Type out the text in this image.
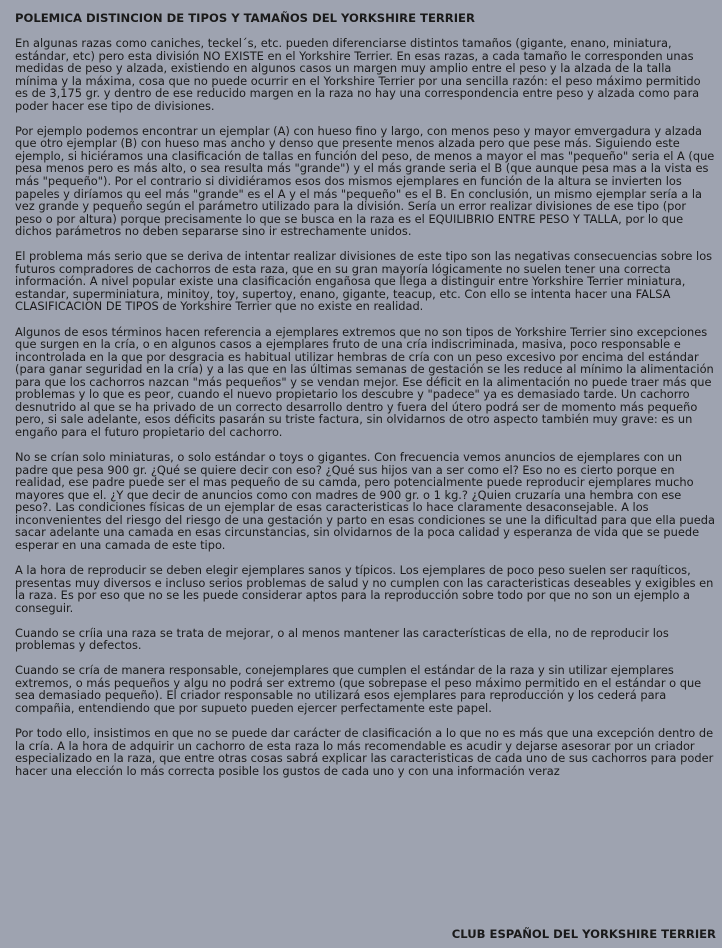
POLEMICA DISTINCION DE TIPOS Y TAMAÑOS DEL YORKSHIRE TERRIER
En algunas razas como caniches, teckel´s, etc. pueden diferenciarse distintos tamaños (gigante, enano, miniatura, estándar, etc) pero esta división NO EXISTE en el Yorkshire Terrier. En esas razas, a cada tamaño le corresponden unas medidas de peso y alzada, existiendo en algunos casos un margen muy amplio entre el peso y la alzada de la talla mínima y la máxima, cosa que no puede ocurrir en el Yorkshire Terrier por una sencilla razón: el peso máximo permitido es de 3,175 gr. y dentro de ese reducido margen en la raza no hay una correspondencia entre peso y alzada como para poder hacer ese tipo de divisiones.
Por ejemplo podemos encontrar un ejemplar (A) con hueso fino y largo, con menos peso y mayor emvergadura y alzada que otro ejemplar (B) con hueso mas ancho y denso que presente menos alzada pero que pese más. Siguiendo este ejemplo, si hiciéramos una clasificación de tallas en función del peso, de menos a mayor el mas "pequeño" seria el A (que pesa menos pero es más alto, o sea resulta más "grande") y el más grande seria el B (que aunque pesa mas a la vista es más "pequeño"). Por el contrario si dividiéramos esos dos mismos ejemplares en función de la altura se invierten los papeles y diríamos qu eel más "grande" es el A y el más "pequeño" es el B. En conclusión, un mismo ejemplar sería a la vez grande y pequeño según el parámetro utilizado para la división. Sería un error realizar divisiones de ese tipo (por peso o por altura) porque precisamente lo que se busca en la raza es el EQUILIBRIO ENTRE PESO Y TALLA, por lo que dichos parámetros no deben separarse sino ir estrechamente unidos.
El problema más serio que se deriva de intentar realizar divisiones de este tipo son las negativas consecuencias sobre los futuros compradores de cachorros de esta raza, que en su gran mayoría lógicamente no suelen tener una correcta información. A nivel popular existe una clasificación engañosa que llega a distinguir entre Yorkshire Terrier miniatura, estandar, superminiatura, minitoy, toy, supertoy, enano, gigante, teacup, etc. Con ello se intenta hacer una FALSA CLASIFICACION DE TIPOS de Yorkshire Terrier que no existe en realidad.
Algunos de esos términos hacen referencia a ejemplares extremos que no son tipos de Yorkshire Terrier sino excepciones que surgen en la cría, o en algunos casos a ejemplares fruto de una cría indiscriminada, masiva, poco responsable e incontrolada en la que por desgracia es habitual utilizar hembras de cría con un peso excesivo por encima del estándar (para ganar seguridad en la cría) y a las que en las últimas semanas de gestación se les reduce al mínimo la alimentación para que los cachorros nazcan "más pequeños" y se vendan mejor. Ese déficit en la alimentación no puede traer más que problemas y lo que es peor, cuando el nuevo propietario los descubre y "padece" ya es demasiado tarde. Un cachorro desnutrido al que se ha privado de un correcto desarrollo dentro y fuera del útero podrá ser de momento más pequeño pero, si sale adelante, esos déficits pasarán su triste factura, sin olvidarnos de otro aspecto también muy grave: es un engaño para el futuro propietario del cachorro.
No se crían solo miniaturas, o solo estándar o toys o gigantes. Con frecuencia vemos anuncios de ejemplares con un padre que pesa 900 gr. ¿Qué se quiere decir con eso? ¿Qué sus hijos van a ser como el? Eso no es cierto porque en realidad, ese padre puede ser el mas pequeño de su camda, pero potencialmente puede reproducir ejemplares mucho mayores que el. ¿Y que decir de anuncios como con madres de 900 gr. o 1 kg.? ¿Quien cruzaría una hembra con ese peso?. Las condiciones físicas de un ejemplar de esas caracteristicas lo hace claramente desaconsejable. A los inconvenientes del riesgo del riesgo de una gestación y parto en esas condiciones se une la dificultad para que ella pueda sacar adelante una camada en esas circunstancias, sin olvidarnos de la poca calidad y esperanza de vida que se puede esperar en una camada de este tipo.
A la hora de reproducir se deben elegir ejemplares sanos y típicos. Los ejemplares de poco peso suelen ser raquíticos, presentas muy diversos e incluso serios problemas de salud y no cumplen con las caracteristicas deseables y exigibles en la raza. Es por eso que no se les puede considerar aptos para la reproducción sobre todo por que no son un ejemplo a conseguir.
Cuando se críia una raza se trata de mejorar, o al menos mantener las características de ella, no de reproducir los problemas y defectos.
Cuando se cría de manera responsable, conejemplares que cumplen el estándar de la raza y sin utilizar ejemplares extremos, o más pequeños y algu no podrá ser extremo (que sobrepase el peso máximo permitido en el estándar o que sea demasiado pequeño). El criador responsable no utilizará esos ejemplares para reproducción y los cederá para compañia, entendiendo que por supueto pueden ejercer perfectamente este papel.
Por todo ello, insistimos en que no se puede dar carácter de clasificación a lo que no es más que una excepción dentro de la cría. A la hora de adquirir un cachorro de esta raza lo más recomendable es acudir y dejarse asesorar por un criador especializado en la raza, que entre otras cosas sabrá explicar las caracteristicas de cada uno de sus cachorros para poder hacer una elección lo más correcta posible los gustos de cada uno y con una información veraz
CLUB ESPAÑOL DEL YORKSHIRE TERRIER
